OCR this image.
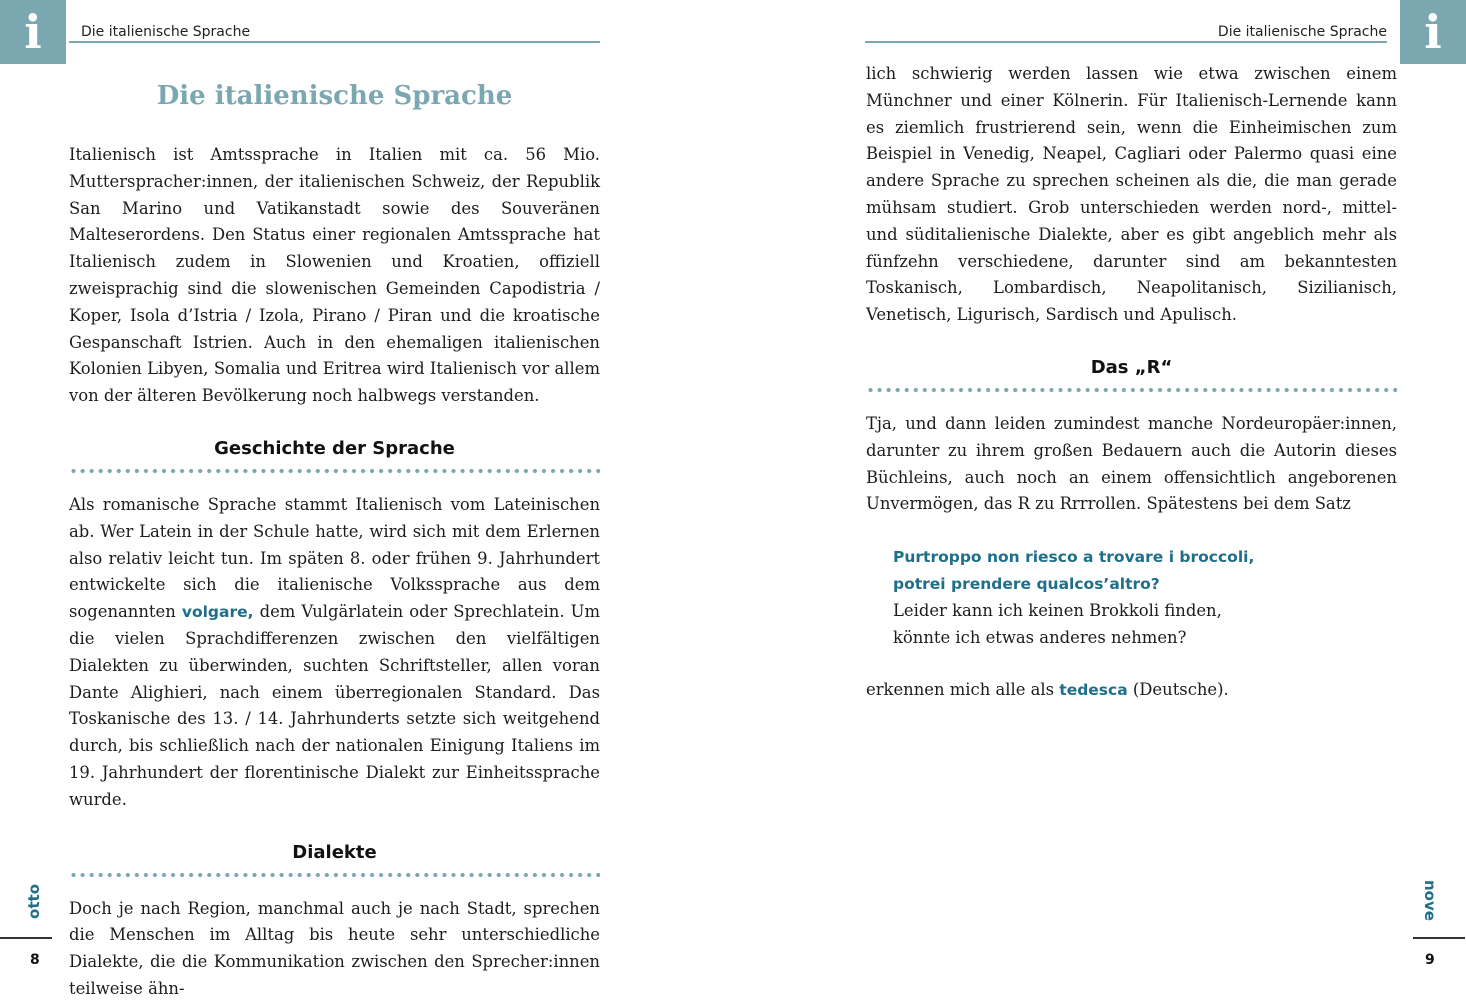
i	Die italienische Sprache
Die italienische Sprache

Italienisch ist Amtssprache in Italien mit ca. 56 Mio. Mutterspracher:innen, der italienischen Schweiz, der Republik San Marino und Vatikanstadt sowie des Souveränen Malteserordens. Den Status einer regionalen Amtssprache hat Italienisch zudem in Slowenien und Kroatien, offiziell zweisprachig sind die slowenischen Gemeinden Capodistria / Koper, Isola d’Istria / Izola, Pirano / Piran und die kroatische Gespanschaft Istrien. Auch in den ehemaligen italienischen Kolonien Libyen, Somalia und Eritrea wird Italienisch vor allem von der älteren Bevölkerung noch halbwegs verstanden.

Geschichte der Sprache

Als romanische Sprache stammt Italienisch vom Lateinischen ab. Wer Latein in der Schule hatte, wird sich mit dem Erlernen also relativ leicht tun. Im späten 8. oder frühen 9. Jahrhundert entwickelte sich die italienische Volkssprache aus dem sogenannten volgare, dem Vulgärlatein oder Sprechlatein. Um die vielen Sprachdifferenzen zwischen den vielfältigen Dialekten zu überwinden, suchten Schriftsteller, allen voran Dante Alighieri, nach einem überregionalen Standard. Das Toskanische des 13. / 14. Jahrhunderts setzte sich weitgehend durch, bis schließlich nach der nationalen Einigung Italiens im 19. Jahrhundert der florentinische Dialekt zur Einheitssprache wurde.

Dialekte

Doch je nach Region, manchmal auch je nach Stadt, sprechen die Menschen im Alltag bis heute sehr unterschiedliche Dialekte, die die Kommunikation zwischen den Sprecher:innen teilweise ähn-

otto
8
i
Die italienische Sprache

lich schwierig werden lassen wie etwa zwischen einem Münchner und einer Kölnerin. Für Italienisch-Lernende kann es ziemlich frustrierend sein, wenn die Einheimischen zum Beispiel in Venedig, Neapel, Cagliari oder Palermo quasi eine andere Sprache zu sprechen scheinen als die, die man gerade mühsam studiert. Grob unterschieden werden nord-, mittel- und süditalienische Dialekte, aber es gibt angeblich mehr als fünfzehn verschiedene, darunter sind am bekanntesten Toskanisch, Lombardisch, Neapolitanisch, Sizilianisch, Venetisch, Ligurisch, Sardisch und Apulisch.

Das „R“

Tja, und dann leiden zumindest manche Nordeuropäer:innen, darunter zu ihrem großen Bedauern auch die Autorin dieses Büchleins, auch noch an einem offensichtlich angeborenen Unvermögen, das R zu Rrrrollen. Spätestens bei dem Satz

Purtroppo non riesco a trovare i broccoli,
potrei prendere qualcos’altro?
Leider kann ich keinen Brokkoli finden,
könnte ich etwas anderes nehmen?

erkennen mich alle als tedesca (Deutsche).

nove
9
